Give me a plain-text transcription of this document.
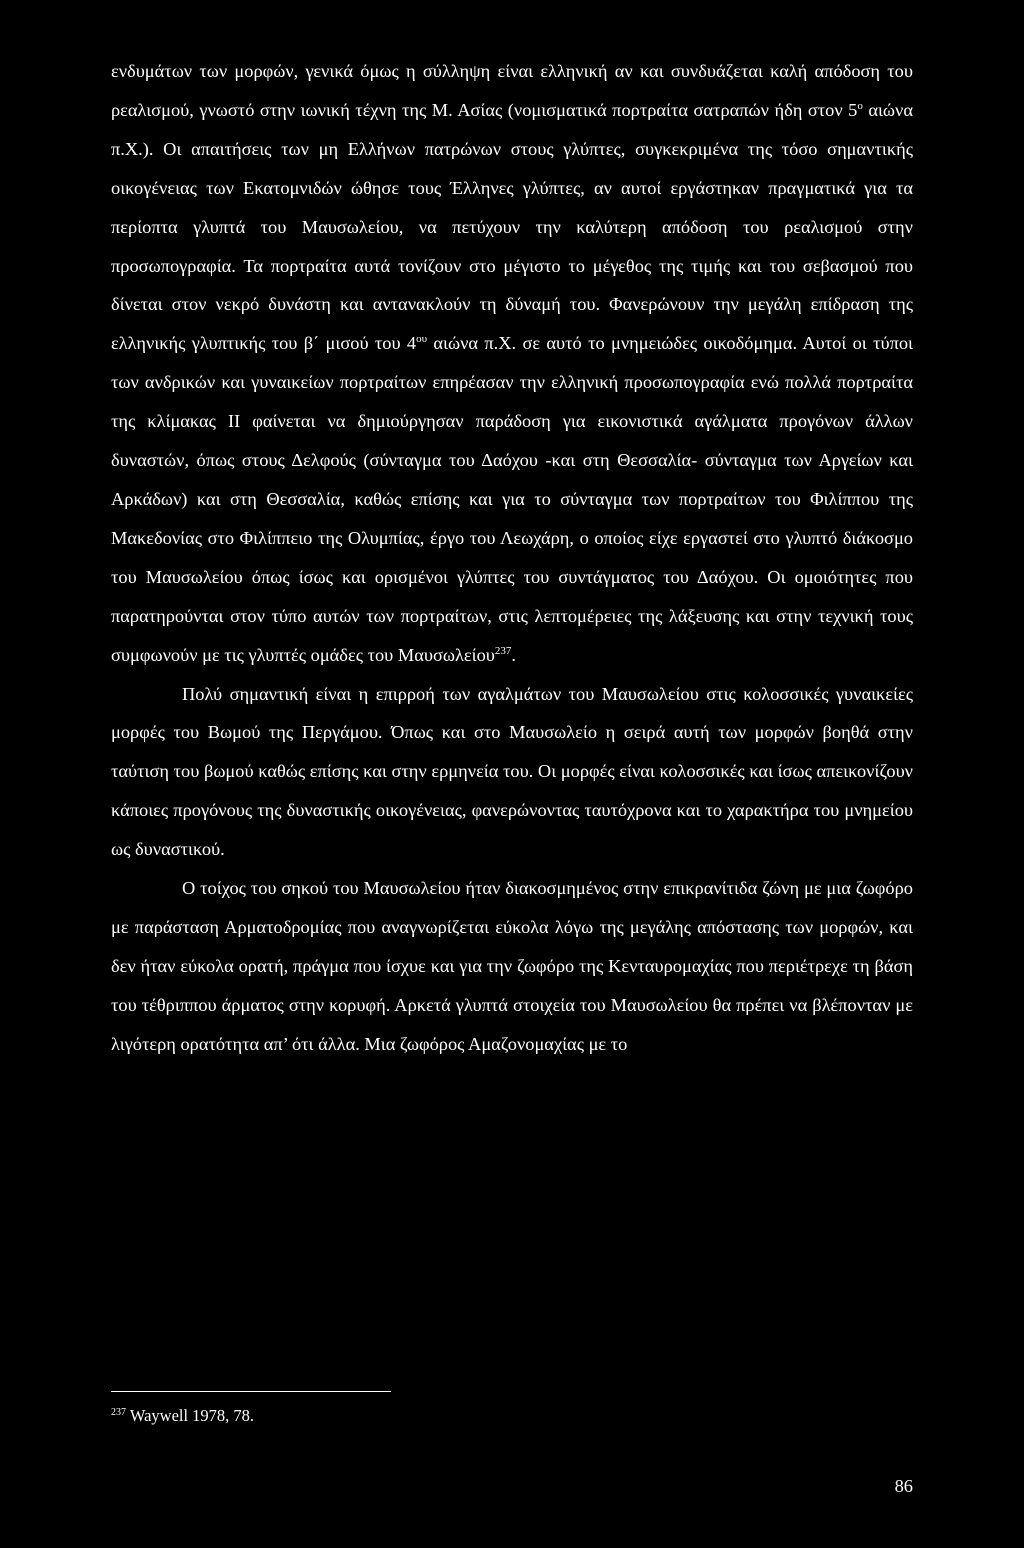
ενδυμάτων των μορφών, γενικά όμως η σύλληψη είναι ελληνική αν και συνδυάζεται καλή απόδοση του ρεαλισμού, γνωστό στην ιωνική τέχνη της Μ. Ασίας (νομισματικά πορτραίτα σατραπών ήδη στον $5^o$ αιώνα π.Χ.). Οι απαιτήσεις των μη Ελλήνων πατρώνων στους γλύπτες, συγκεκριμένα της τόσο σημαντικής οικογένειας των Εκατομνιδών ώθησε τους Έλληνες γλύπτες, αν αυτοί εργάστηκαν πραγματικά για τα περίοπτα γλυπτά του Μαυσωλείου, να πετύχουν την καλύτερη απόδοση του ρεαλισμού στην προσωπογραφία. Τα πορτραίτα αυτά τονίζουν στο μέγιστο το μέγεθος της τιμής και του σεβασμού που δίνεται στον νεκρό δυνάστη και αντανακλούν τη δύναμή του. Φανερώνουν την μεγάλη επίδραση της ελληνικής γλυπτικής του β΄ μισού του $4^{o\upsilon}$ αιώνα π.Χ. σε αυτό το μνημειώδες οικοδόμημα. Αυτοί οι τύποι των ανδρικών και γυναικείων πορτραίτων επηρέασαν την ελληνική προσωπογραφία ενώ πολλά πορτραίτα της κλίμακας ΙΙ φαίνεται να δημιούργησαν παράδοση για εικονιστικά αγάλματα προγόνων άλλων δυναστών, όπως στους Δελφούς (σύνταγμα του Δαόχου -και στη Θεσσαλία- σύνταγμα των Αργείων και Αρκάδων) και στη Θεσσαλία, καθώς επίσης και για το σύνταγμα των πορτραίτων του Φιλίππου της Μακεδονίας στο Φιλίππειο της Ολυμπίας, έργο του Λεωχάρη, ο οποίος είχε εργαστεί στο γλυπτό διάκοσμο του Μαυσωλείου όπως ίσως και ορισμένοι γλύπτες του συντάγματος του Δαόχου. Οι ομοιότητες που παρατηρούνται στον τύπο αυτών των πορτραίτων, στις λεπτομέρειες της λάξευσης και στην τεχνική τους συμφωνούν με τις γλυπτές ομάδες του Μαυσωλείου$^{237}$.

Πολύ σημαντική είναι η επιρροή των αγαλμάτων του Μαυσωλείου στις κολοσσικές γυναικείες μορφές του Βωμού της Περγάμου. Όπως και στο Μαυσωλείο η σειρά αυτή των μορφών βοηθά στην ταύτιση του βωμού καθώς επίσης και στην ερμηνεία του. Οι μορφές είναι κολοσσικές και ίσως απεικονίζουν κάποιες προγόνους της δυναστικής οικογένειας, φανερώνοντας ταυτόχρονα και το χαρακτήρα του μνημείου ως δυναστικού.

Ο τοίχος του σηκού του Μαυσωλείου ήταν διακοσμημένος στην επικρανίτιδα ζώνη με μια ζωφόρο με παράσταση Αρματοδρομίας που αναγνωρίζεται εύκολα λόγω της μεγάλης απόστασης των μορφών, και δεν ήταν εύκολα ορατή, πράγμα που ίσχυε και για την ζωφόρο της Κενταυρομαχίας που περιέτρεχε τη βάση του τέθριππου άρματος στην κορυφή. Αρκετά γλυπτά στοιχεία του Μαυσωλείου θα πρέπει να βλέπονταν με λιγότερη ορατότητα απ’ ότι άλλα. Μια ζωφόρος Αμαζονομαχίας με το

$^{237}$ Waywell 1978, 78.
86
